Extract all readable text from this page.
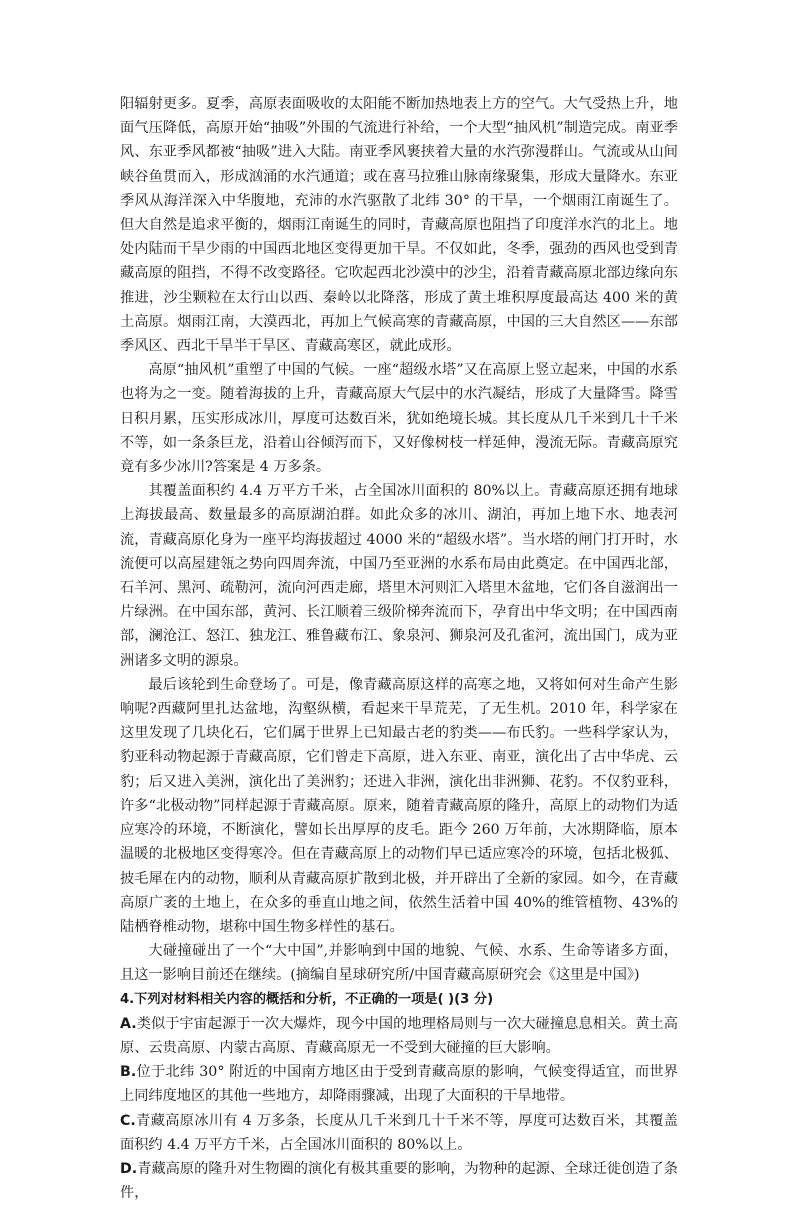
阳辐射更多。夏季，高原表面吸收的太阳能不断加热地表上方的空气。大气受热上升，地面气压降低，高原开始“抽吸”外围的气流进行补给，一个大型“抽风机”制造完成。南亚季风、东亚季风都被“抽吸”进入大陆。南亚季风裹挟着大量的水汽弥漫群山。气流或从山间峡谷鱼贯而入，形成汹涌的水汽通道；或在喜马拉雅山脉南缘聚集，形成大量降水。东亚季风从海洋深入中华腹地，充沛的水汽驱散了北纬 30° 的干旱，一个烟雨江南诞生了。但大自然是追求平衡的，烟雨江南诞生的同时，青藏高原也阻挡了印度洋水汽的北上。地处内陆而干旱少雨的中国西北地区变得更加干旱。不仅如此，冬季，强劲的西风也受到青藏高原的阻挡，不得不改变路径。它吹起西北沙漠中的沙尘，沿着青藏高原北部边缘向东推进，沙尘颗粒在太行山以西、秦岭以北降落，形成了黄土堆积厚度最高达 400 米的黄土高原。烟雨江南，大漠西北，再加上气候高寒的青藏高原，中国的三大自然区——东部季风区、西北干旱半干旱区、青藏高寒区，就此成形。

高原“抽风机”重塑了中国的气候。一座“超级水塔”又在高原上竖立起来，中国的水系也将为之一变。随着海拔的上升，青藏高原大气层中的水汽凝结，形成了大量降雪。降雪日积月累，压实形成冰川，厚度可达数百米，犹如绝境长城。其长度从几千米到几十千米不等，如一条条巨龙，沿着山谷倾泻而下，又好像树枝一样延伸，漫流无际。青藏高原究竟有多少冰川?答案是 4 万多条。

其覆盖面积约 4.4 万平方千米，占全国冰川面积的 80%以上。青藏高原还拥有地球上海拔最高、数量最多的高原湖泊群。如此众多的冰川、湖泊，再加上地下水、地表河流，青藏高原化身为一座平均海拔超过 4000 米的“超级水塔”。当水塔的闸门打开时，水流便可以高屋建瓴之势向四周奔流，中国乃至亚洲的水系布局由此奠定。在中国西北部，石羊河、黑河、疏勒河，流向河西走廊，塔里木河则汇入塔里木盆地，它们各自滋润出一片绿洲。在中国东部，黄河、长江顺着三级阶梯奔流而下，孕育出中华文明；在中国西南部，澜沧江、怒江、独龙江、雅鲁藏布江、象泉河、狮泉河及孔雀河，流出国门，成为亚洲诸多文明的源泉。

最后该轮到生命登场了。可是，像青藏高原这样的高寒之地，又将如何对生命产生影响呢?西藏阿里扎达盆地，沟壑纵横，看起来干旱荒芜，了无生机。2010 年，科学家在这里发现了几块化石，它们属于世界上已知最古老的豹类——布氏豹。一些科学家认为，豹亚科动物起源于青藏高原，它们曾走下高原，进入东亚、南亚，演化出了古中华虎、云豹；后又进入美洲，演化出了美洲豹；还进入非洲，演化出非洲狮、花豹。不仅豹亚科，许多“北极动物”同样起源于青藏高原。原来，随着青藏高原的隆升，高原上的动物们为适应寒冷的环境，不断演化，譬如长出厚厚的皮毛。距今 260 万年前，大冰期降临，原本温暖的北极地区变得寒冷。但在青藏高原上的动物们早已适应寒冷的环境，包括北极狐、披毛犀在内的动物，顺利从青藏高原扩散到北极，并开辟出了全新的家园。如今，在青藏高原广袤的土地上，在众多的垂直山地之间，依然生活着中国 40%的维管植物、43%的陆栖脊椎动物，堪称中国生物多样性的基石。

大碰撞碰出了一个“大中国”,并影响到中国的地貌、气候、水系、生命等诸多方面，且这一影响目前还在继续。(摘编自星球研究所/中国青藏高原研究会《这里是中国》)

4.下列对材料相关内容的概括和分析，不正确的一项是( )(3 分)

A.类似于宇宙起源于一次大爆炸，现今中国的地理格局则与一次大碰撞息息相关。黄土高原、云贵高原、内蒙古高原、青藏高原无一不受到大碰撞的巨大影响。

B.位于北纬 30° 附近的中国南方地区由于受到青藏高原的影响，气候变得适宜，而世界上同纬度地区的其他一些地方，却降雨骤减，出现了大面积的干旱地带。

C.青藏高原冰川有 4 万多条，长度从几千米到几十千米不等，厚度可达数百米，其覆盖面积约 4.4 万平方千米，占全国冰川面积的 80%以上。

D.青藏高原的隆升对生物圈的演化有极其重要的影响，为物种的起源、全球迁徙创造了条件，
